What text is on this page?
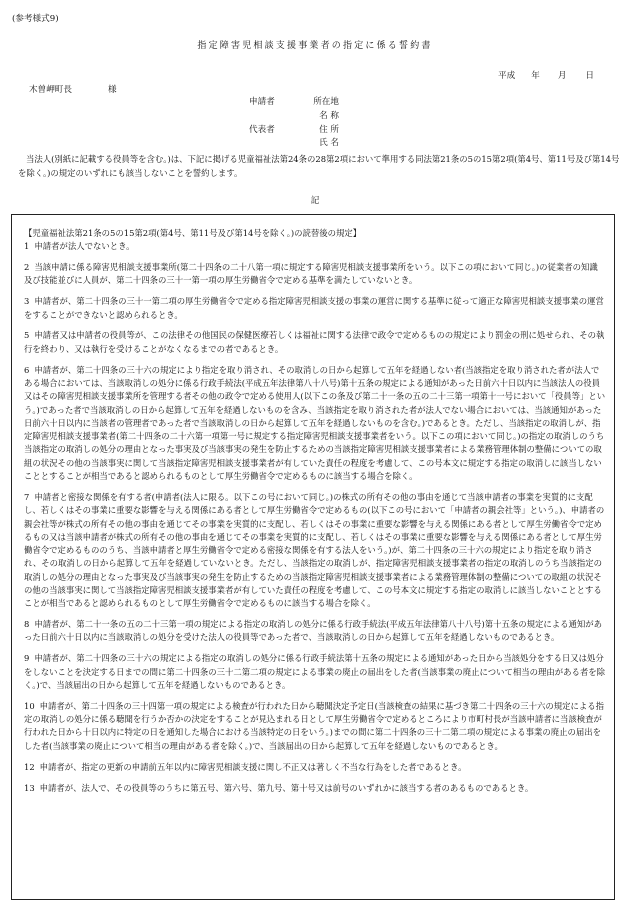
(参考様式9)

指定障害児相談支援事業者の指定に係る誓約書

平成 年 月 日
木曽岬町長	様
申請者	所在地
名 称
代表者	住 所
氏 名

当法人(別紙に記載する役員等を含む。)は、下記に掲げる児童福祉法第24条の28第2項において準用する同法第21条の5の15第2項(第4号、第11号及び第14号を除く。)の規定のいずれにも該当しないことを誓約します。

記

【児童福祉法第21条の5の15第2項(第4号、第11号及び第14号を除く。)の読替後の規定】

1 申請者が法人でないとき。

2 当該申請に係る障害児相談支援事業所(第二十四条の二十八第一項に規定する障害児相談支援事業所をいう。以下この項において同じ。)の従業者の知識及び技能並びに人員が、第二十四条の三十一第一項の厚生労働省令で定める基準を満たしていないとき。

3 申請者が、第二十四条の三十一第二項の厚生労働省令で定める指定障害児相談支援の事業の運営に関する基準に従って適正な障害児相談支援事業の運営をすることができないと認められるとき。

5 申請者又は申請者の役員等が、この法律その他国民の保健医療若しくは福祉に関する法律で政令で定めるものの規定により罰金の刑に処せられ、その執行を終わり、又は執行を受けることがなくなるまでの者であるとき。

6 申請者が、第二十四条の三十六の規定により指定を取り消され、その取消しの日から起算して五年を経過しない者(当該指定を取り消された者が法人である場合においては、当該取消しの処分に係る行政手続法(平成五年法律第八十八号)第十五条の規定による通知があった日前六十日以内に当該法人の役員又はその障害児相談支援事業所を管理する者その他の政令で定める使用人(以下この条及び第二十一条の五の二十三第一項第十一号において「役員等」という。)であった者で当該取消しの日から起算して五年を経過しないものを含み、当該指定を取り消された者が法人でない場合においては、当該通知があった日前六十日以内に当該者の管理者であった者で当該取消しの日から起算して五年を経過しないものを含む。)であるとき。ただし、当該指定の取消しが、指定障害児相談支援事業者(第二十四条の二十六第一項第一号に規定する指定障害児相談支援事業者をいう。以下この項において同じ。)の指定の取消しのうち当該指定の取消しの処分の理由となった事実及び当該事実の発生を防止するための当該指定障害児相談支援事業者による業務管理体制の整備についての取組の状況その他の当該事実に関して当該指定障害児相談支援事業者が有していた責任の程度を考慮して、この号本文に規定する指定の取消しに該当しないこととすることが相当であると認められるものとして厚生労働省令で定めるものに該当する場合を除く。

7 申請者と密接な関係を有する者(申請者(法人に限る。以下この号において同じ。)の株式の所有その他の事由を通じて当該申請者の事業を実質的に支配し、若しくはその事業に重要な影響を与える関係にある者として厚生労働省令で定めるもの(以下この号において「申請者の親会社等」という。)、申請者の親会社等が株式の所有その他の事由を通じてその事業を実質的に支配し、若しくはその事業に重要な影響を与える関係にある者として厚生労働省令で定めるもの又は当該申請者が株式の所有その他の事由を通じてその事業を実質的に支配し、若しくはその事業に重要な影響を与える関係にある者として厚生労働省令で定めるもののうち、当該申請者と厚生労働省令で定める密接な関係を有する法人をいう。)が、第二十四条の三十六の規定により指定を取り消され、その取消しの日から起算して五年を経過していないとき。ただし、当該指定の取消しが、指定障害児相談支援事業者の指定の取消しのうち当該指定の取消しの処分の理由となった事実及び当該事実の発生を防止するための当該指定障害児相談支援事業者による業務管理体制の整備についての取組の状況その他の当該事実に関して当該指定障害児相談支援事業者が有していた責任の程度を考慮して、この号本文に規定する指定の取消しに該当しないこととすることが相当であると認められるものとして厚生労働省令で定めるものに該当する場合を除く。

8 申請者が、第二十一条の五の二十三第一項の規定による指定の取消しの処分に係る行政手続法(平成五年法律第八十八号)第十五条の規定による通知があった日前六十日以内に当該取消しの処分を受けた法人の役員等であった者で、当該取消しの日から起算して五年を経過しないものであるとき。

9 申請者が、第二十四条の三十六の規定による指定の取消しの処分に係る行政手続法第十五条の規定による通知があった日から当該処分をする日又は処分をしないことを決定する日までの間に第二十四条の三十二第二項の規定による事業の廃止の届出をした者(当該事業の廃止について相当の理由がある者を除く。)で、当該届出の日から起算して五年を経過しないものであるとき。

10 申請者が、第二十四条の三十四第一項の規定による検査が行われた日から聴聞決定予定日(当該検査の結果に基づき第二十四条の三十六の規定による指定の取消しの処分に係る聴聞を行うか否かの決定をすることが見込まれる日として厚生労働省令で定めるところにより市町村長が当該申請者に当該検査が行われた日から十日以内に特定の日を通知した場合における当該特定の日をいう。)までの間に第二十四条の三十二第二項の規定による事業の廃止の届出をした者(当該事業の廃止について相当の理由がある者を除く。)で、当該届出の日から起算して五年を経過しないものであるとき。

12 申請者が、指定の更新の申請前五年以内に障害児相談支援に関し不正又は著しく不当な行為をした者であるとき。

13 申請者が、法人で、その役員等のうちに第五号、第六号、第九号、第十号又は前号のいずれかに該当する者のあるものであるとき。
